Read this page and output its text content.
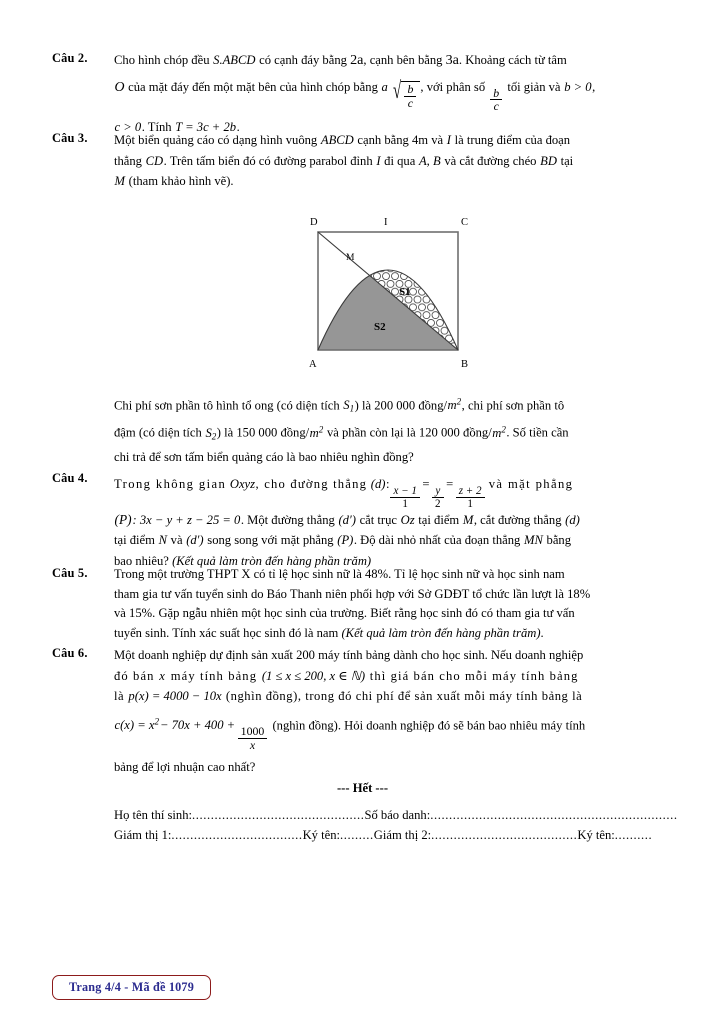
Câu 2.	Cho hình chóp đều S.ABCD có cạnh đáy bằng 2a, cạnh bên bằng 3a. Khoảng cách từ tâm

O của mặt đáy đến một mặt bên của hình chóp bằng a √ $\frac{b}{c}$ , với phân số
$\frac{b}{c}$
tối giản và b > 0,

c > 0. Tính T = 3c + 2b.

Câu 3.	Một biển quảng cáo có dạng hình vuông ABCD cạnh bằng 4m và I là trung điểm của đoạn

thẳng CD. Trên tấm biển đó có đường parabol đỉnh I đi qua A, B và cắt đường chéo BD tại

M (tham khảo hình vẽ).

D	I	C
A	B
M
S1
S2

Chi phí sơn phần tô hình tổ ong (có diện tích $S_1$) là 200 000 đồng/$m^2$, chi phí sơn phần tô

đậm (có diện tích $S_2$) là 150 000 đồng/$m^2$ và phần còn lại là 120 000 đồng/$m^2$. Số tiền cần

chi trả để sơn tấm biển quảng cáo là bao nhiêu nghìn đồng?

Câu 4.	Trong không gian Oxyz, cho đường thẳng (d):
$\frac{x - 1}{1}$
=
$\frac{y}{2}$
=
$\frac{z + 2}{1}$
và mặt phẳng

(P): 3x − y + z − 25 = 0. Một đường thẳng (d′) cắt trục Oz tại điểm M, cắt đường thẳng (d)

tại điểm N và (d′) song song với mặt phẳng (P). Độ dài nhỏ nhất của đoạn thẳng MN bằng

bao nhiêu? (Kết quả làm tròn đến hàng phần trăm)

Câu 5.	Trong một trường THPT X có tỉ lệ học sinh nữ là 48%. Tỉ lệ học sinh nữ và học sinh nam

tham gia tư vấn tuyển sinh do Báo Thanh niên phối hợp với Sở GDĐT tổ chức lần lượt là 18%

và 15%. Gặp ngẫu nhiên một học sinh của trường. Biết rằng học sinh đó có tham gia tư vấn

tuyển sinh. Tính xác suất học sinh đó là nam (Kết quả làm tròn đến hàng phần trăm).

Câu 6.	Một doanh nghiệp dự định sản xuất 200 máy tính bảng dành cho học sinh. Nếu doanh nghiệp

đó bán x máy tính bảng (1 ≤ x ≤ 200, x ∈ ℕ) thì giá bán cho mỗi máy tính bảng

là p(x) = 4000 − 10x (nghìn đồng), trong đó chi phí để sản xuất mỗi máy tính bảng là

$c(x) = x^2- 70x + 400$ +
$\frac{1000}{x}$
(nghìn đồng). Hỏi doanh nghiệp đó sẽ bán bao nhiêu máy tính

bảng để lợi nhuận cao nhất?

--- Hết ---
Họ tên thí sinh:..............................................Số báo danh:..................................................................
Giám thị 1:...................................Ký tên:.........Giám thị 2:.......................................Ký tên:..........
Trang 4/4 - Mã đề 1079
